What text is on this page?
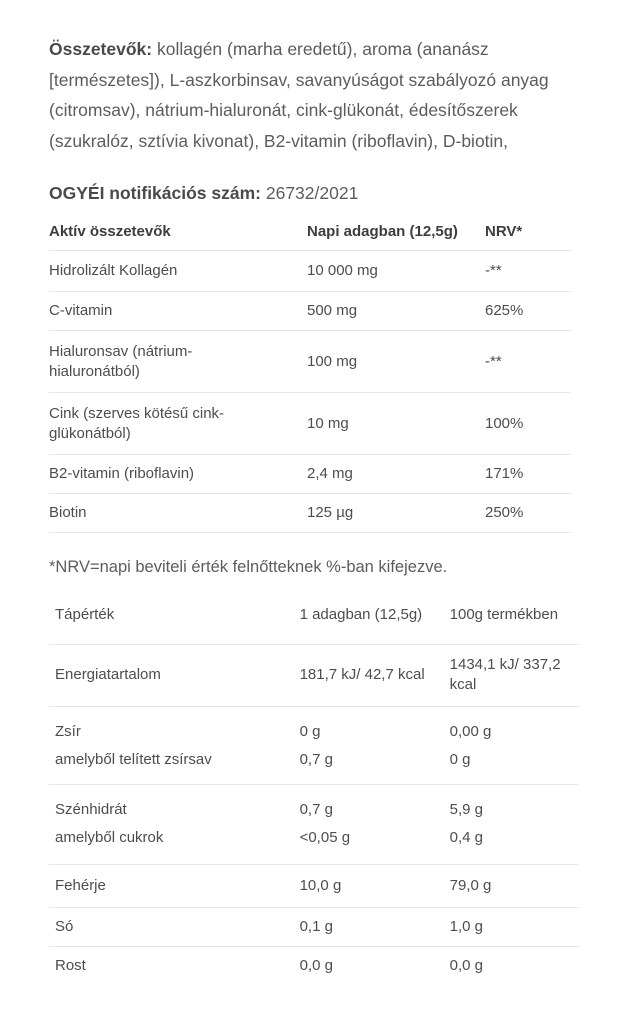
Összetevők: kollagén (marha eredetű), aroma (ananász [természetes]), L-aszkorbinsav, savanyúságot szabályozó anyag (citromsav), nátrium-hialuronát, cink-glükonát, édesítőszerek (szukralóz, sztívia kivonat), B2-vitamin (riboflavin), D-biotin,

OGYÉI notifikációs szám: 26732/2021

Aktív összetevők	Napi adagban (12,5g)	NRV*
Hidrolizált Kollagén	10 000 mg	-**
C-vitamin	500 mg	625%
Hialuronsav (nátrium-hialuronátból)	100 mg	-**
Cink (szerves kötésű cink-glükonátból)	10 mg	100%
B2-vitamin (riboflavin)	2,4 mg	171%
Biotin	125 µg	250%

*NRV=napi beviteli érték felnőtteknek %-ban kifejezve.

Tápérték	1 adagban (12,5g)	100g termékben
Energiatartalom	181,7 kJ/ 42,7 kcal	1434,1 kJ/ 337,2 kcal
Zsír	0 g	0,00 g
amelyből telített zsírsav	0,7 g	0 g
Szénhidrát	0,7 g	5,9 g
amelyből cukrok	<0,05 g	0,4 g
Fehérje	10,0 g	79,0 g
Só	0,1 g	1,0 g
Rost	0,0 g	0,0 g
